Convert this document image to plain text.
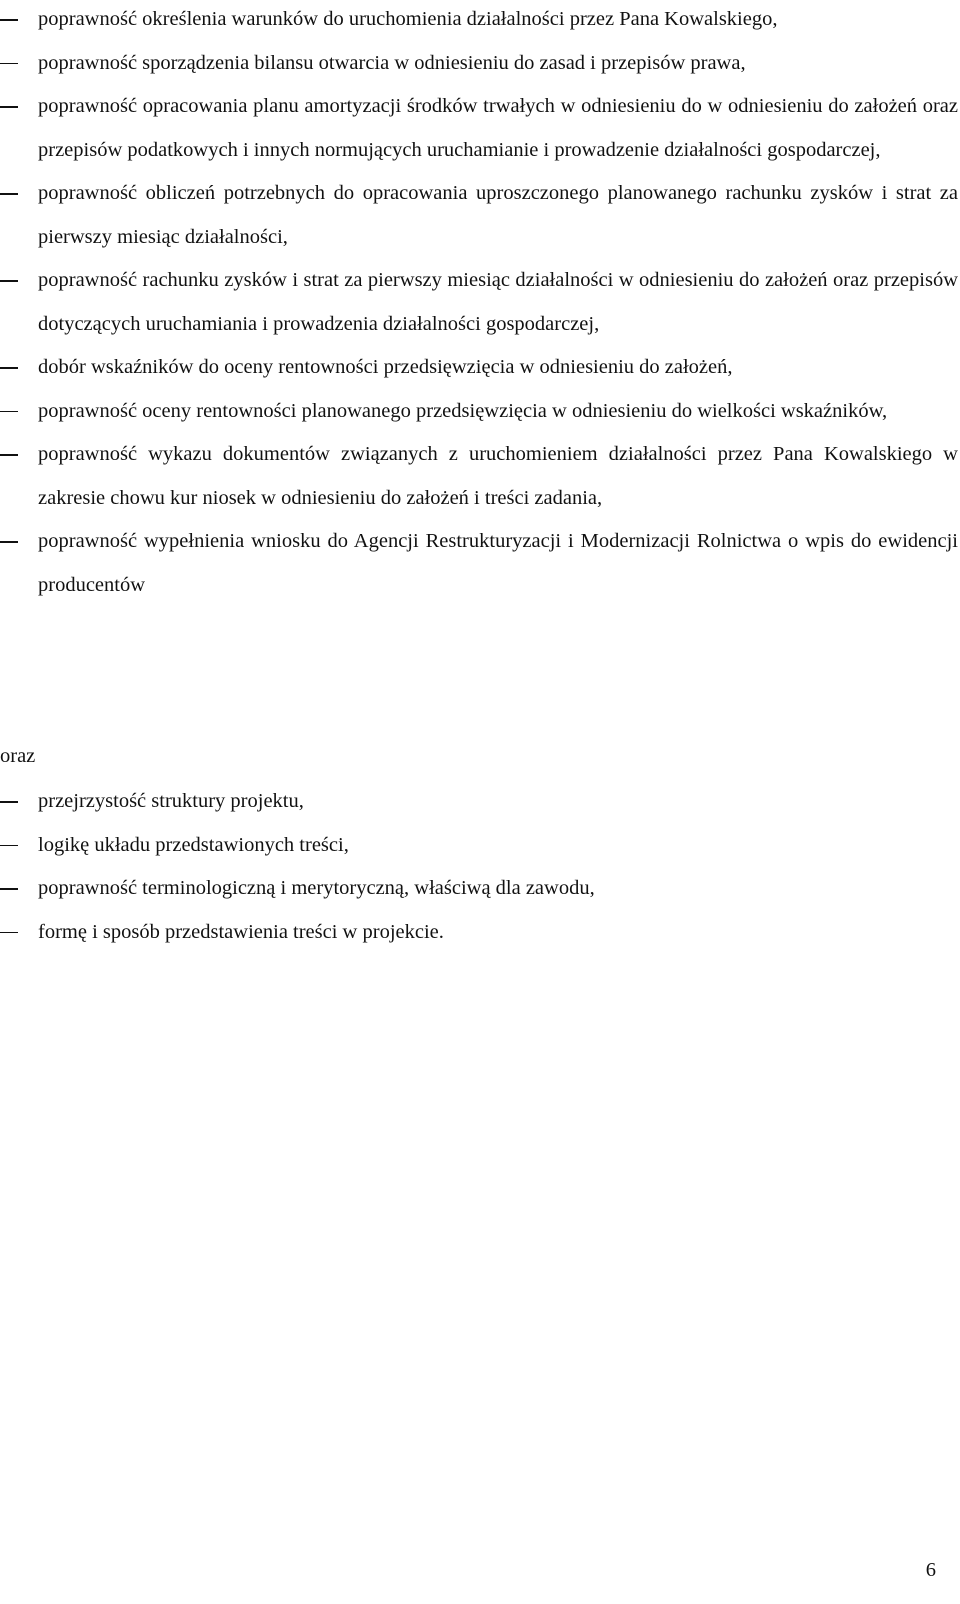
poprawność określenia warunków do uruchomienia działalności przez Pana Kowalskiego,
poprawność sporządzenia bilansu otwarcia w odniesieniu do zasad i przepisów prawa,
poprawność opracowania planu amortyzacji środków trwałych w odniesieniu do w odniesieniu do założeń oraz przepisów podatkowych i innych normujących uruchamianie i prowadzenie działalności gospodarczej,
poprawność obliczeń potrzebnych do opracowania uproszczonego planowanego rachunku zysków i strat za pierwszy miesiąc działalności,
poprawność rachunku zysków i strat za pierwszy miesiąc działalności w odniesieniu do założeń oraz przepisów dotyczących uruchamiania i prowadzenia działalności gospodarczej,
dobór wskaźników do oceny rentowności przedsięwzięcia w odniesieniu do założeń,
poprawność oceny rentowności planowanego przedsięwzięcia w odniesieniu do wielkości wskaźników,
poprawność wykazu dokumentów związanych z uruchomieniem działalności przez Pana Kowalskiego w zakresie chowu kur niosek w odniesieniu do założeń i treści zadania,
poprawność wypełnienia wniosku do Agencji Restrukturyzacji i Modernizacji Rolnictwa o wpis do ewidencji producentów
oraz
przejrzystość struktury projektu,
logikę układu przedstawionych treści,
poprawność terminologiczną i merytoryczną, właściwą dla zawodu,
formę i sposób przedstawienia treści w projekcie.
6
